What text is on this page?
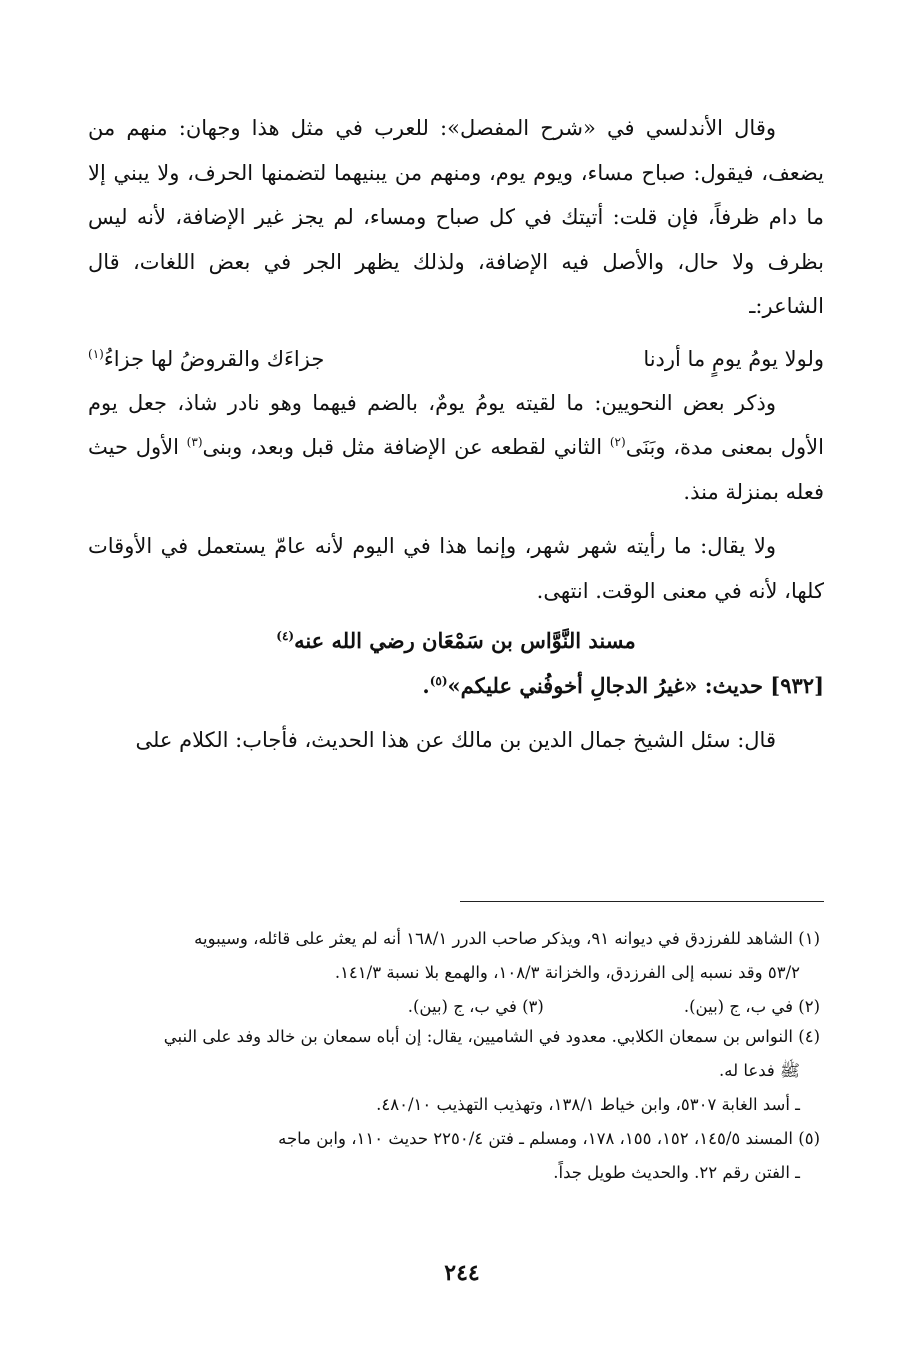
وقال الأندلسي في «شرح المفصل»: للعرب في مثل هذا وجهان: منهم من يضعف، فيقول: صباح مساء، ويوم يوم، ومنهم من يبنيهما لتضمنها الحرف، ولا يبني إلا ما دام ظرفاً، فإن قلت: أتيتك في كل صباح ومساء، لم يجز غير الإضافة، لأنه ليس بظرف ولا حال، والأصل فيه الإضافة، ولذلك يظهر الجر في بعض اللغات، قال الشاعر:ـ

ولولا يومُ يومٍ ما أردنا
جزاءَك والقروضُ لها جزاءُ$^{(١)}$

وذكر بعض النحويين: ما لقيته يومُ يومٌ، بالضم فيهما وهو نادر شاذ، جعل يوم الأول بمعنى مدة، وبَنَى$^{(٢)}$ الثاني لقطعه عن الإضافة مثل قبل وبعد، وبنى$^{(٣)}$ الأول حيث فعله بمنزلة منذ.

ولا يقال: ما رأيته شهر شهر، وإنما هذا في اليوم لأنه عامّ يستعمل في الأوقات كلها، لأنه في معنى الوقت. انتهى.

مسند النَّوَّاس بن سَمْعَان رضي الله عنه$^{(٤)}$

[٩٣٢] حديث: «غيرُ الدجالِ أخوفُني عليكم»$^{(٥)}$.

قال: سئل الشيخ جمال الدين بن مالك عن هذا الحديث، فأجاب: الكلام على

(١) الشاهد للفرزدق في ديوانه ٩١، ويذكر صاحب الدرر ١٦٨/١ أنه لم يعثر على قائله، وسيبويه

٥٣/٢ وقد نسبه إلى الفرزدق، والخزانة ١٠٨/٣، والهمع بلا نسبة ١٤١/٣.

(٢) في ب، ج (بين).
(٣) في ب، ج (بين).

(٤) النواس بن سمعان الكلابي. معدود في الشاميين، يقال: إن أباه سمعان بن خالد وفد على النبي

ﷺ فدعا له.

ـ أسد الغابة ٥٣٠٧، وابن خياط ١٣٨/١، وتهذيب التهذيب ٤٨٠/١٠.

(٥) المسند ١٤٥/٥، ١٥٢، ١٥٥، ١٧٨، ومسلم ـ فتن ٢٢٥٠/٤ حديث ١١٠، وابن ماجه

ـ الفتن رقم ٢٢. والحديث طويل جداً.

٢٤٤
